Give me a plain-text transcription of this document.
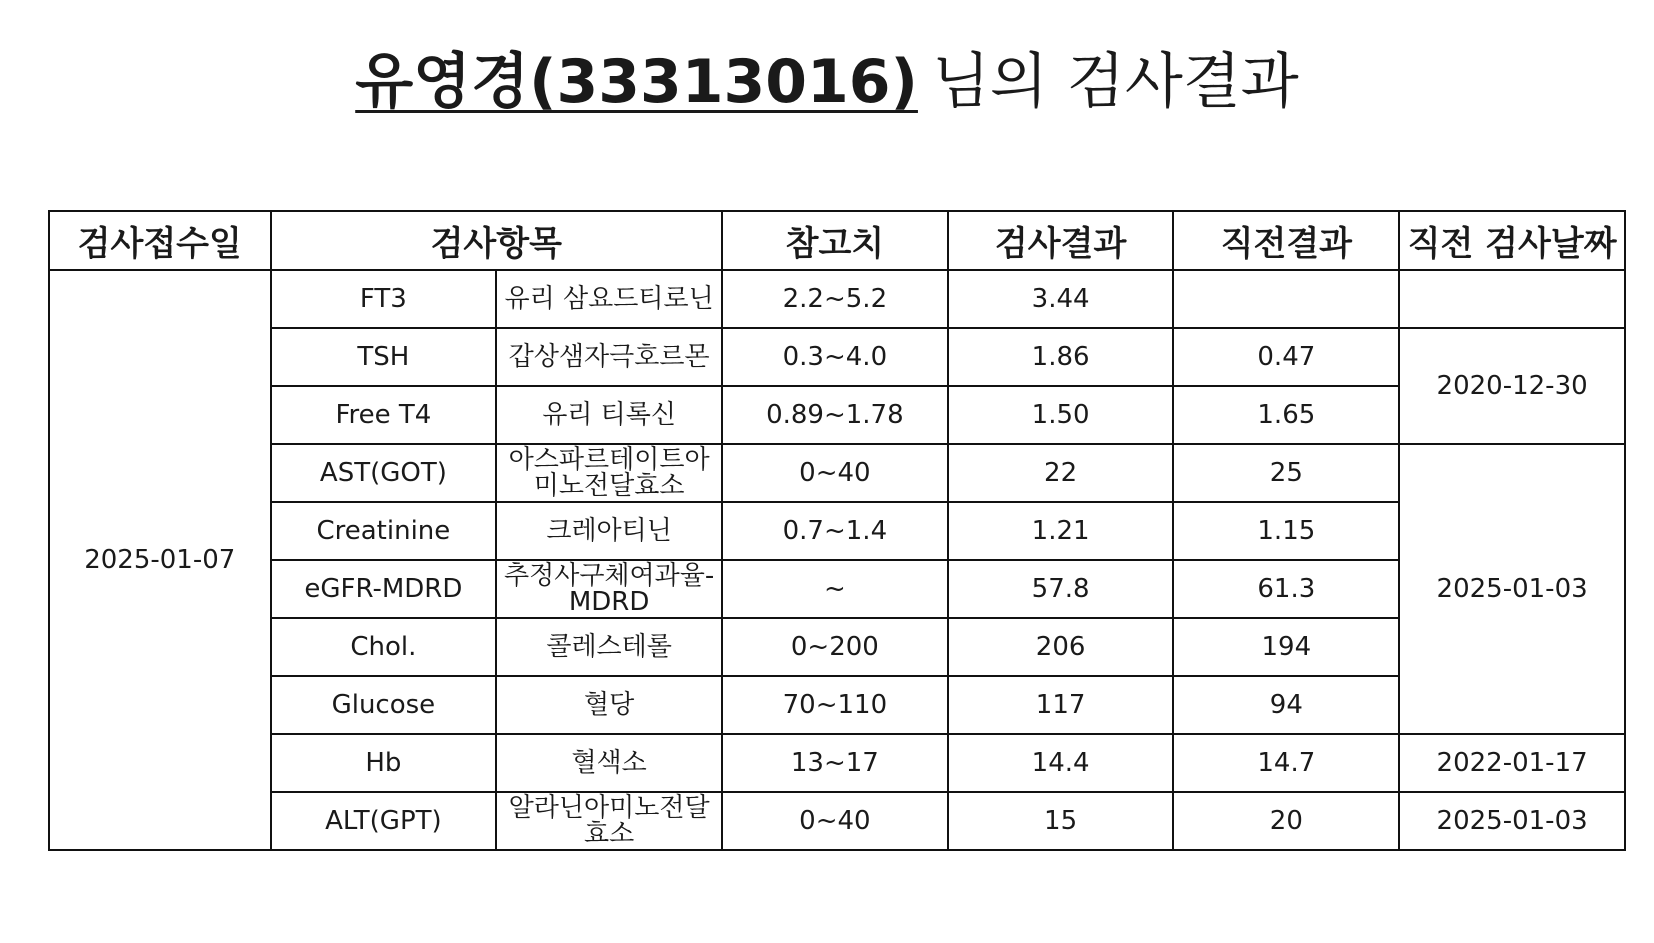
유영경(33313016) 님의 검사결과
검사접수일	검사항목		참고치	검사결과	직전결과	직전 검사날짜
2025-01-07	FT3	유리 삼요드티로닌	2.2~5.2	3.44		
	TSH	갑상샘자극호르몬	0.3~4.0	1.86	0.47	2020-12-30
	Free T4	유리 티록신	0.89~1.78	1.50	1.65	
	AST(GOT)	아스파르테이트아미노전달효소	0~40	22	25	2025-01-03
	Creatinine	크레아티닌	0.7~1.4	1.21	1.15	
	eGFR-MDRD	추정사구체여과율-MDRD	~	57.8	61.3	
	Chol.	콜레스테롤	0~200	206	194	
	Glucose	혈당	70~110	117	94	
	Hb	혈색소	13~17	14.4	14.7	2022-01-17
	ALT(GPT)	알라닌아미노전달효소	0~40	15	20	2025-01-03
